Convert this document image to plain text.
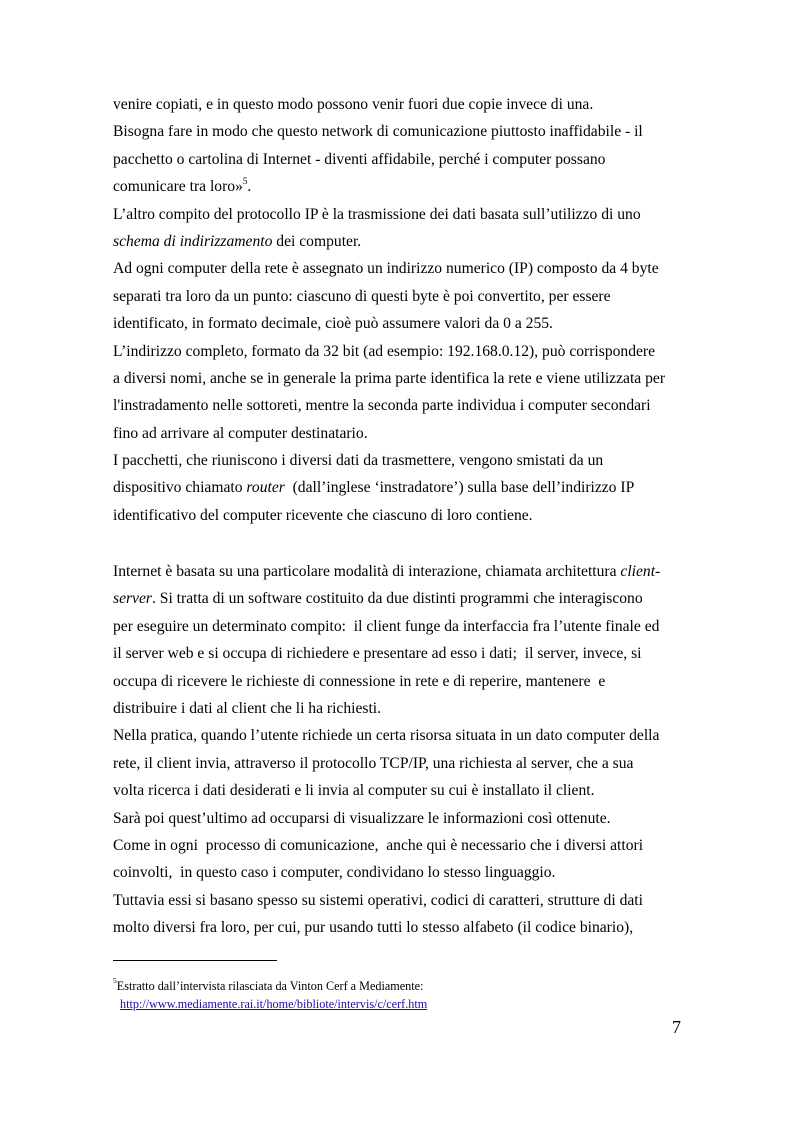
venire copiati, e in questo modo possono venir fuori due copie invece di una.
Bisogna fare in modo che questo network di comunicazione piuttosto inaffidabile - il
pacchetto o cartolina di Internet - diventi affidabile, perché i computer possano
comunicare tra loro»$^5$.
L’altro compito del protocollo IP è la trasmissione dei dati basata sull’utilizzo di uno
schema di indirizzamento dei computer.
Ad ogni computer della rete è assegnato un indirizzo numerico (IP) composto da 4 byte
separati tra loro da un punto: ciascuno di questi byte è poi convertito, per essere
identificato, in formato decimale, cioè può assumere valori da 0 a 255.
L’indirizzo completo, formato da 32 bit (ad esempio: 192.168.0.12), può corrispondere
a diversi nomi, anche se in generale la prima parte identifica la rete e viene utilizzata per
l'instradamento nelle sottoreti, mentre la seconda parte individua i computer secondari
fino ad arrivare al computer destinatario.
I pacchetti, che riuniscono i diversi dati da trasmettere, vengono smistati da un
dispositivo chiamato router  (dall’inglese ‘instradatore’) sulla base dell’indirizzo IP
identificativo del computer ricevente che ciascuno di loro contiene.
Internet è basata su una particolare modalità di interazione, chiamata architettura client-
server. Si tratta di un software costituito da due distinti programmi che interagiscono
per eseguire un determinato compito:  il client funge da interfaccia fra l’utente finale ed
il server web e si occupa di richiedere e presentare ad esso i dati;  il server, invece, si
occupa di ricevere le richieste di connessione in rete e di reperire, mantenere  e
distribuire i dati al client che li ha richiesti.
Nella pratica, quando l’utente richiede un certa risorsa situata in un dato computer della
rete, il client invia, attraverso il protocollo TCP/IP, una richiesta al server, che a sua
volta ricerca i dati desiderati e li invia al computer su cui è installato il client.
Sarà poi quest’ultimo ad occuparsi di visualizzare le informazioni così ottenute.
Come in ogni  processo di comunicazione,  anche qui è necessario che i diversi attori
coinvolti,  in questo caso i computer, condividano lo stesso linguaggio.
Tuttavia essi si basano spesso su sistemi operativi, codici di caratteri, strutture di dati
molto diversi fra loro, per cui, pur usando tutti lo stesso alfabeto (il codice binario),
$^5$Estratto dall’intervista rilasciata da Vinton Cerf a Mediamente:
http://www.mediamente.rai.it/home/bibliote/intervis/c/cerf.htm
7
